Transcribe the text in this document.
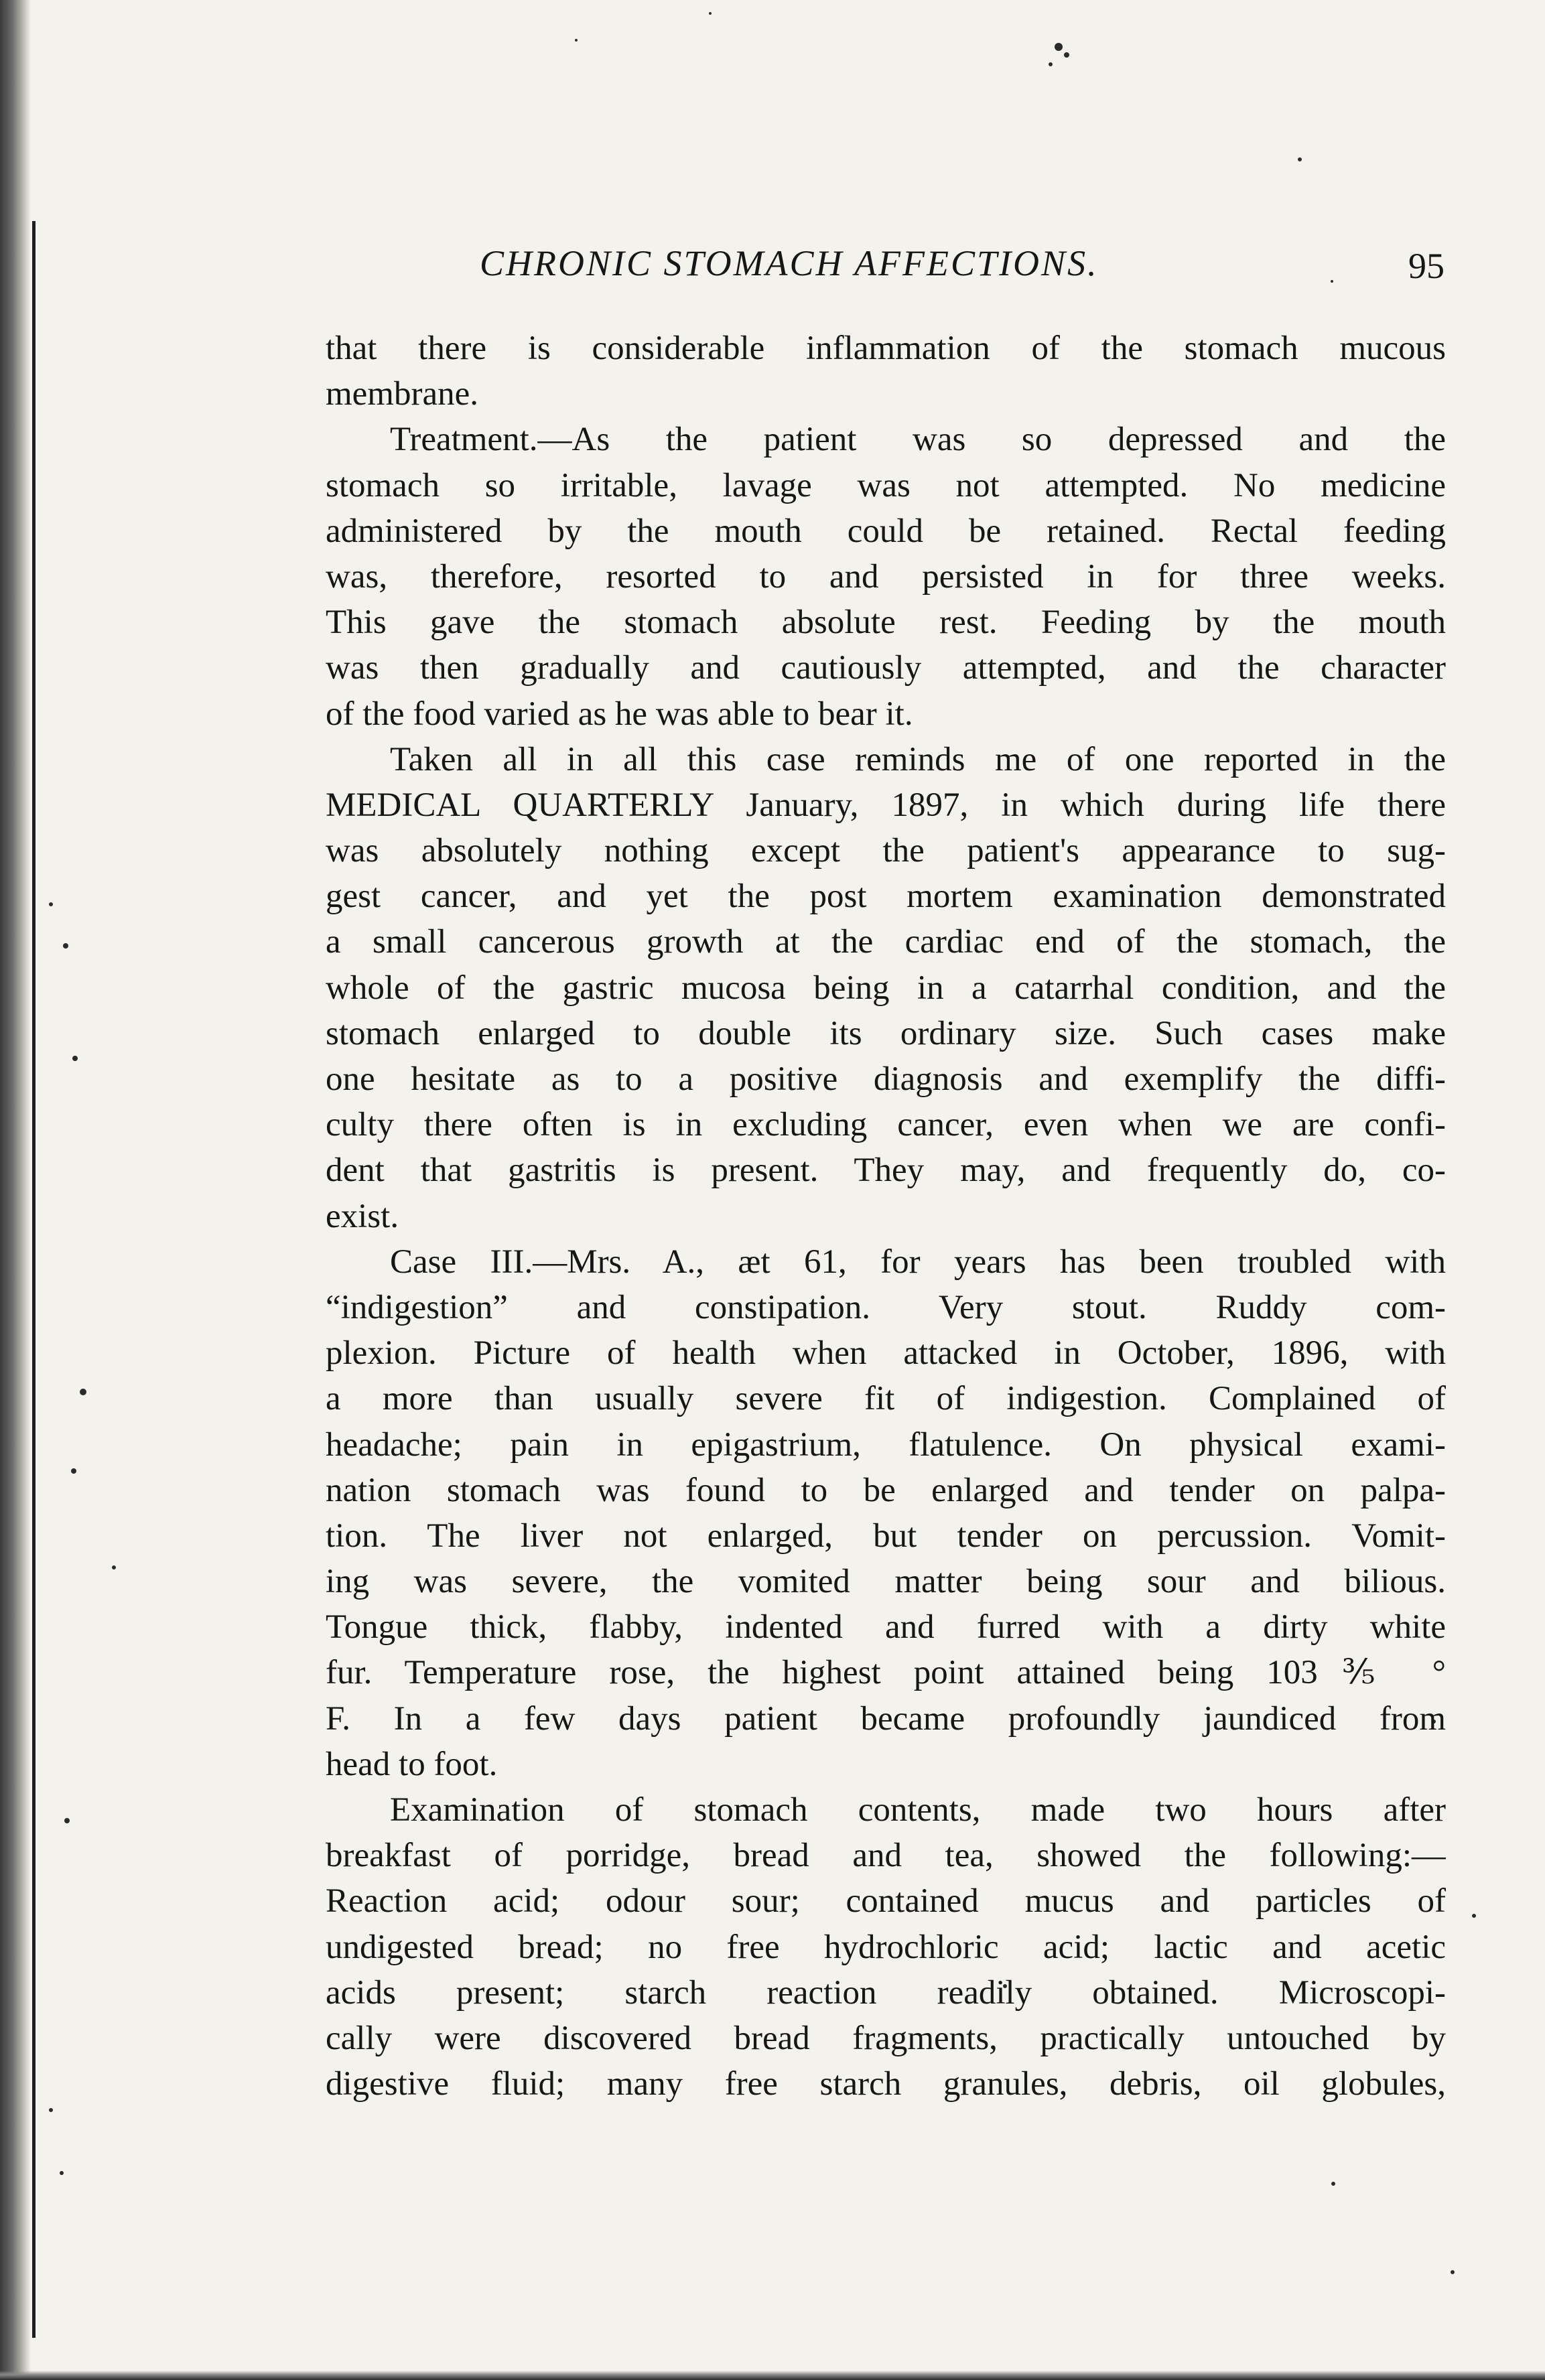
CHRONIC STOMACH AFFECTIONS.	95
that there is considerable inflammation of the stomach mucous
membrane.
Treatment.—As the patient was so depressed and the
stomach so irritable, lavage was not attempted. No medicine
administered by the mouth could be retained. Rectal feeding
was, therefore, resorted to and persisted in for three weeks.
This gave the stomach absolute rest. Feeding by the mouth
was then gradually and cautiously attempted, and the character
of the food varied as he was able to bear it.
Taken all in all this case reminds me of one reported in the
MEDICAL QUARTERLY January, 1897, in which during life there
was absolutely nothing except the patient's appearance to sug-
gest cancer, and yet the post mortem examination demonstrated
a small cancerous growth at the cardiac end of the stomach, the
whole of the gastric mucosa being in a catarrhal condition, and the
stomach enlarged to double its ordinary size. Such cases make
one hesitate as to a positive diagnosis and exemplify the diffi-
culty there often is in excluding cancer, even when we are confi-
dent that gastritis is present. They may, and frequently do, co-
exist.
Case III.—Mrs. A., æt 61, for years has been troubled with
“indigestion” and constipation. Very stout. Ruddy com-
plexion. Picture of health when attacked in October, 1896, with
a more than usually severe fit of indigestion. Complained of
headache; pain in epigastrium, flatulence. On physical exami-
nation stomach was found to be enlarged and tender on palpa-
tion. The liver not enlarged, but tender on percussion. Vomit-
ing was severe, the vomited matter being sour and bilious.
Tongue thick, flabby, indented and furred with a dirty white
fur. Temperature rose, the highest point attained being 103⅗ °
F. In a few days patient became profoundly jaundiced from
head to foot.
Examination of stomach contents, made two hours after
breakfast of porridge, bread and tea, showed the following:—
Reaction acid; odour sour; contained mucus and particles of
undigested bread; no free hydrochloric acid; lactic and acetic
acids present; starch reaction readily obtained. Microscopi-
cally were discovered bread fragments, practically untouched by
digestive fluid; many free starch granules, debris, oil globules,
